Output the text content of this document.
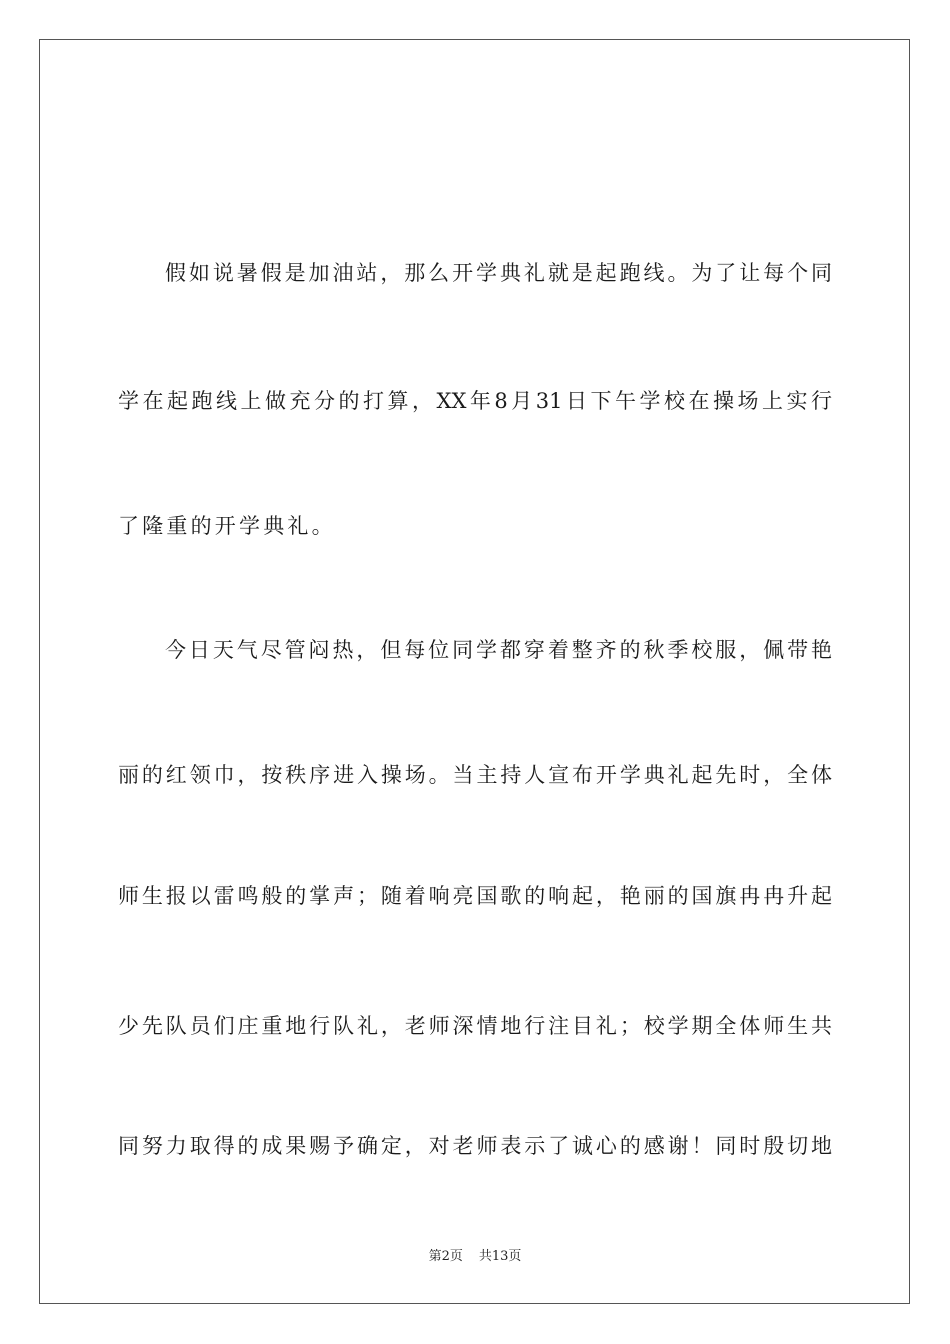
假如说暑假是加油站，那么开学典礼就是起跑线。为了让每个同
学在起跑线上做充分的打算，XX年8月31日下午学校在操场上实行
了隆重的开学典礼。
今日天气尽管闷热，但每位同学都穿着整齐的秋季校服，佩带艳
丽的红领巾，按秩序进入操场。当主持人宣布开学典礼起先时，全体
师生报以雷鸣般的掌声；随着响亮国歌的响起，艳丽的国旗冉冉升起
少先队员们庄重地行队礼，老师深情地行注目礼；校学期全体师生共
同努力取得的成果赐予确定，对老师表示了诚心的感谢！同时殷切地
第2页 共13页
